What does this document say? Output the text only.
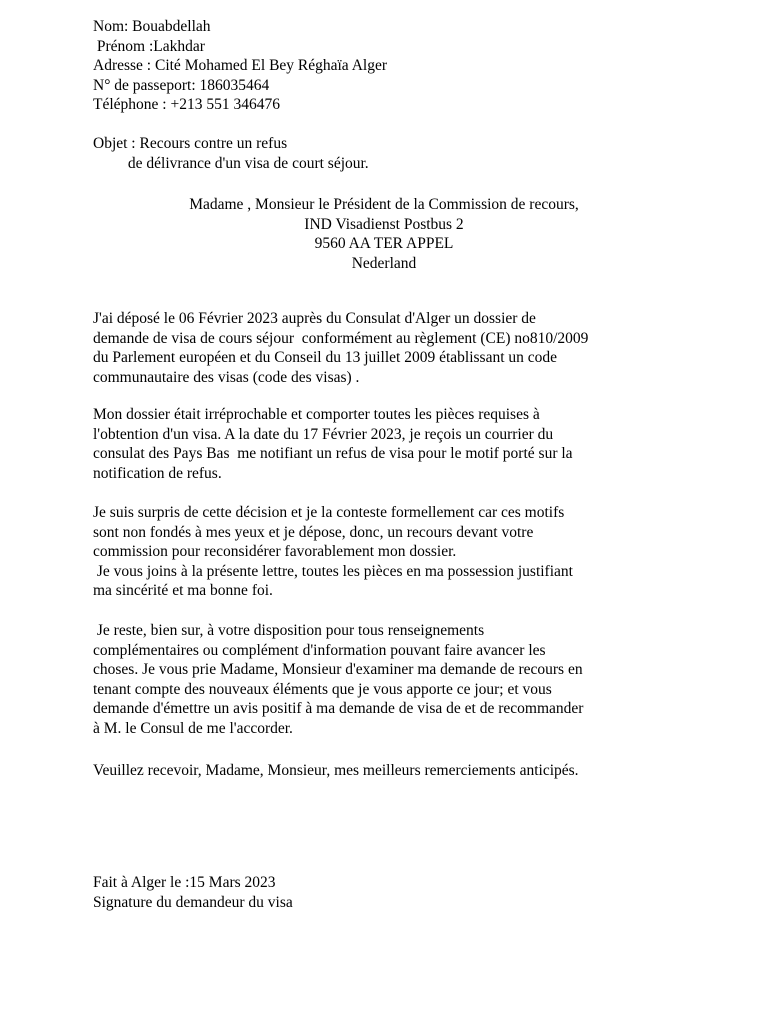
Nom: Bouabdellah
Prénom :Lakhdar
Adresse : Cité Mohamed El Bey Réghaïa Alger
N° de passeport: 186035464
Téléphone : +213 551 346476
Objet : Recours contre un refus
de délivrance d'un visa de court séjour.
Madame , Monsieur le Président de la Commission de recours,
IND Visadienst Postbus 2
9560 AA TER APPEL
Nederland
J'ai déposé le 06 Février 2023 auprès du Consulat d'Alger un dossier de
demande de visa de cours séjour  conformément au règlement (CE) no810/2009
du Parlement européen et du Conseil du 13 juillet 2009 établissant un code
communautaire des visas (code des visas) .
Mon dossier était irréprochable et comporter toutes les pièces requises à
l'obtention d'un visa. A la date du 17 Février 2023, je reçois un courrier du
consulat des Pays Bas  me notifiant un refus de visa pour le motif porté sur la
notification de refus.
Je suis surpris de cette décision et je la conteste formellement car ces motifs
sont non fondés à mes yeux et je dépose, donc, un recours devant votre
commission pour reconsidérer favorablement mon dossier.
Je vous joins à la présente lettre, toutes les pièces en ma possession justifiant
ma sincérité et ma bonne foi.
Je reste, bien sur, à votre disposition pour tous renseignements
complémentaires ou complément d'information pouvant faire avancer les
choses. Je vous prie Madame, Monsieur d'examiner ma demande de recours en
tenant compte des nouveaux éléments que je vous apporte ce jour; et vous
demande d'émettre un avis positif à ma demande de visa de et de recommander
à M. le Consul de me l'accorder.
Veuillez recevoir, Madame, Monsieur, mes meilleurs remerciements anticipés.
Fait à Alger le :15 Mars 2023
Signature du demandeur du visa
